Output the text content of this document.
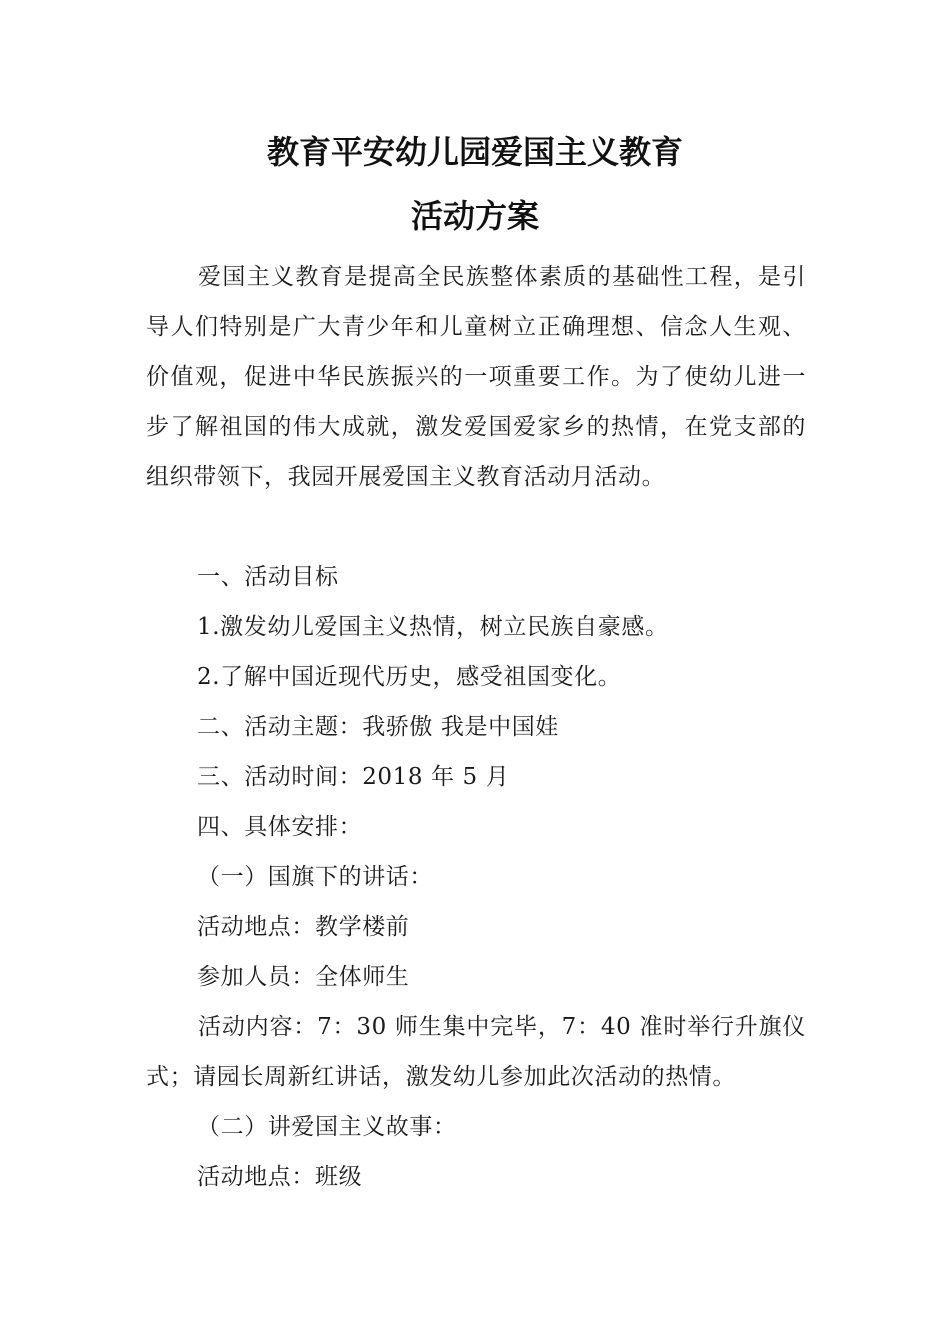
教育平安幼儿园爱国主义教育
活动方案
爱国主义教育是提高全民族整体素质的基础性工程，是引导人们特别是广大青少年和儿童树立正确理想、信念人生观、价值观，促进中华民族振兴的一项重要工作。为了使幼儿进一步了解祖国的伟大成就，激发爱国爱家乡的热情，在党支部的组织带领下，我园开展爱国主义教育活动月活动。
一、活动目标
1.激发幼儿爱国主义热情，树立民族自豪感。
2.了解中国近现代历史，感受祖国变化。
二、活动主题：我骄傲 我是中国娃
三、活动时间：2018 年 5 月
四、具体安排：
（一）国旗下的讲话：
活动地点：教学楼前
参加人员：全体师生
活动内容：7：30 师生集中完毕，7：40 准时举行升旗仪式；请园长周新红讲话，激发幼儿参加此次活动的热情。
（二）讲爱国主义故事：
活动地点：班级
